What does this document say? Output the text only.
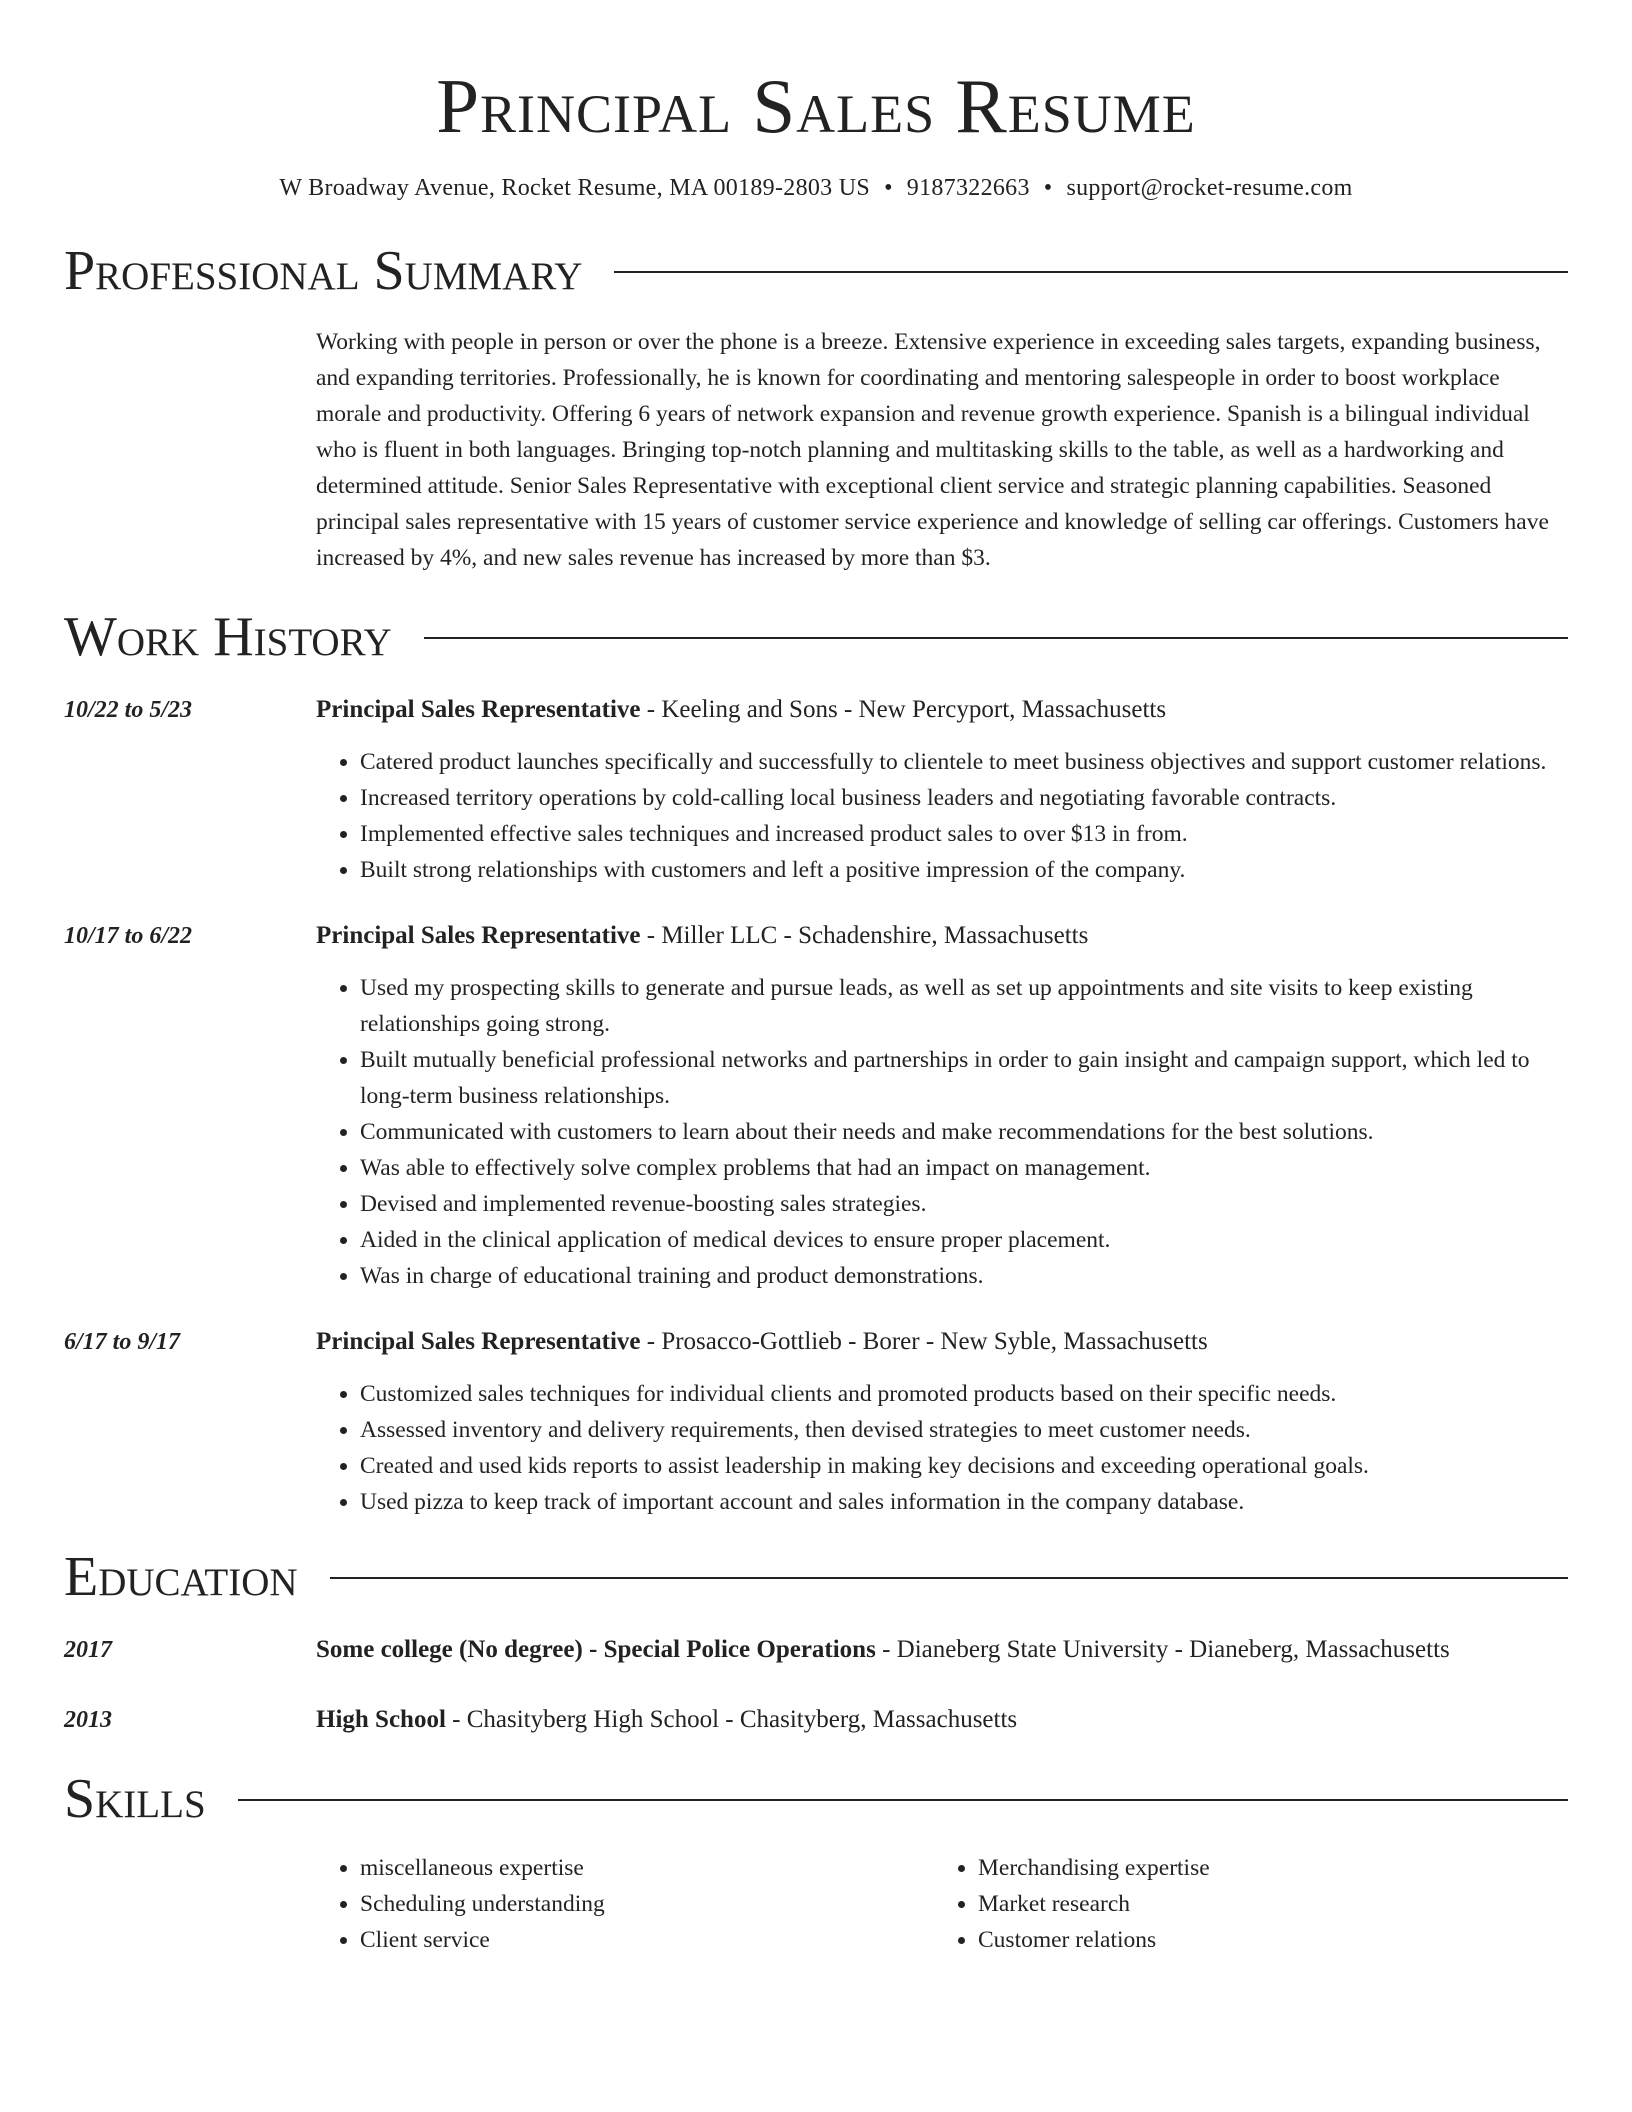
Principal Sales Resume
W Broadway Avenue, Rocket Resume, MA 00189-2803 US • 9187322663 • support@rocket-resume.com
Professional Summary
Working with people in person or over the phone is a breeze. Extensive experience in exceeding sales targets, expanding business, and expanding territories. Professionally, he is known for coordinating and mentoring salespeople in order to boost workplace morale and productivity. Offering 6 years of network expansion and revenue growth experience. Spanish is a bilingual individual who is fluent in both languages. Bringing top-notch planning and multitasking skills to the table, as well as a hardworking and determined attitude. Senior Sales Representative with exceptional client service and strategic planning capabilities. Seasoned principal sales representative with 15 years of customer service experience and knowledge of selling car offerings. Customers have increased by 4%, and new sales revenue has increased by more than $3.
Work History
10/22 to 5/23	Principal Sales Representative - Keeling and Sons - New Percyport, Massachusetts
• Catered product launches specifically and successfully to clientele to meet business objectives and support customer relations.
• Increased territory operations by cold-calling local business leaders and negotiating favorable contracts.
• Implemented effective sales techniques and increased product sales to over $13 in from.
• Built strong relationships with customers and left a positive impression of the company.
10/17 to 6/22	Principal Sales Representative - Miller LLC - Schadenshire, Massachusetts
• Used my prospecting skills to generate and pursue leads, as well as set up appointments and site visits to keep existing relationships going strong.
• Built mutually beneficial professional networks and partnerships in order to gain insight and campaign support, which led to long-term business relationships.
• Communicated with customers to learn about their needs and make recommendations for the best solutions.
• Was able to effectively solve complex problems that had an impact on management.
• Devised and implemented revenue-boosting sales strategies.
• Aided in the clinical application of medical devices to ensure proper placement.
• Was in charge of educational training and product demonstrations.
6/17 to 9/17	Principal Sales Representative - Prosacco-Gottlieb - Borer - New Syble, Massachusetts
• Customized sales techniques for individual clients and promoted products based on their specific needs.
• Assessed inventory and delivery requirements, then devised strategies to meet customer needs.
• Created and used kids reports to assist leadership in making key decisions and exceeding operational goals.
• Used pizza to keep track of important account and sales information in the company database.
Education
2017	Some college (No degree) - Special Police Operations - Dianeberg State University - Dianeberg, Massachusetts
2013	High School - Chasityberg High School - Chasityberg, Massachusetts
Skills
• miscellaneous expertise
• Scheduling understanding
• Client service
• Merchandising expertise
• Market research
• Customer relations
